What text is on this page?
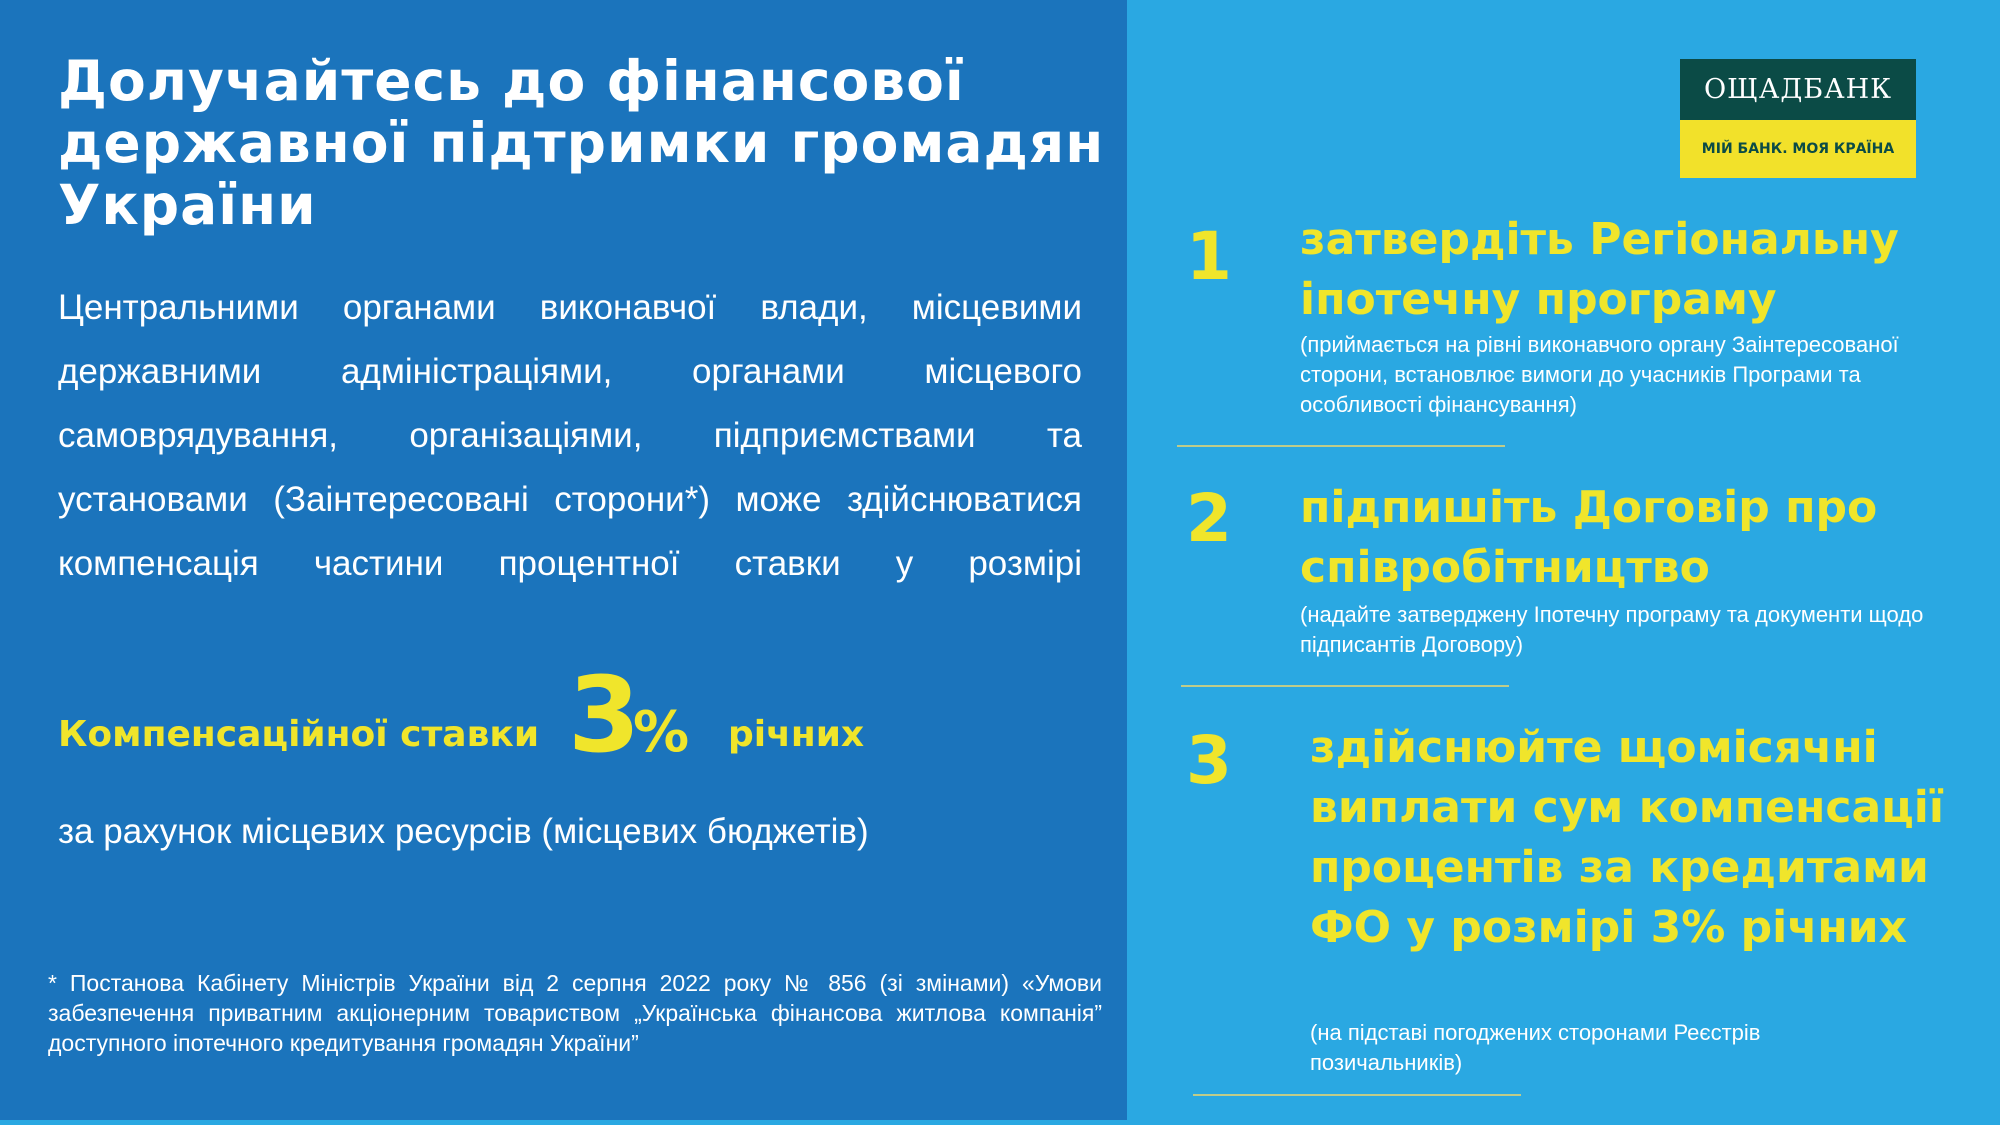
Долучайтесь до фінансової державної підтримки громадян України

Центральними органами виконавчої влади, місцевими державними адміністраціями, органами місцевого самоврядування, організаціями, підприємствами та установами (Заінтересовані сторони*) може здійснюватися компенсація частини процентної ставки у розмірі

Компенсаційної ставки 3
% річних

за рахунок місцевих ресурсів (місцевих бюджетів)

* Постанова Кабінету Міністрів України від 2 серпня 2022 року № 856 (зі змінами) «Умови забезпечення приватним акціонерним товариством „Українська фінансова житлова компанія” доступного іпотечного кредитування громадян України”

ОЩАДБАНК
МІЙ БАНК. МОЯ КРАЇНА
1 затвердіть Регіональну іпотечну програму

(приймається на рівні виконавчого органу Заінтересованої сторони, встановлює вимоги до учасників Програми та особливості фінансування)

2 підпишіть Договір про співробітництво

(надайте затверджену Іпотечну програму та документи щодо підписантів Договору)

3 здійснюйте щомісячні виплати сум компенсації процентів за кредитами ФО у розмірі 3% річних

(на підставі погоджених сторонами Реєстрів позичальників)
